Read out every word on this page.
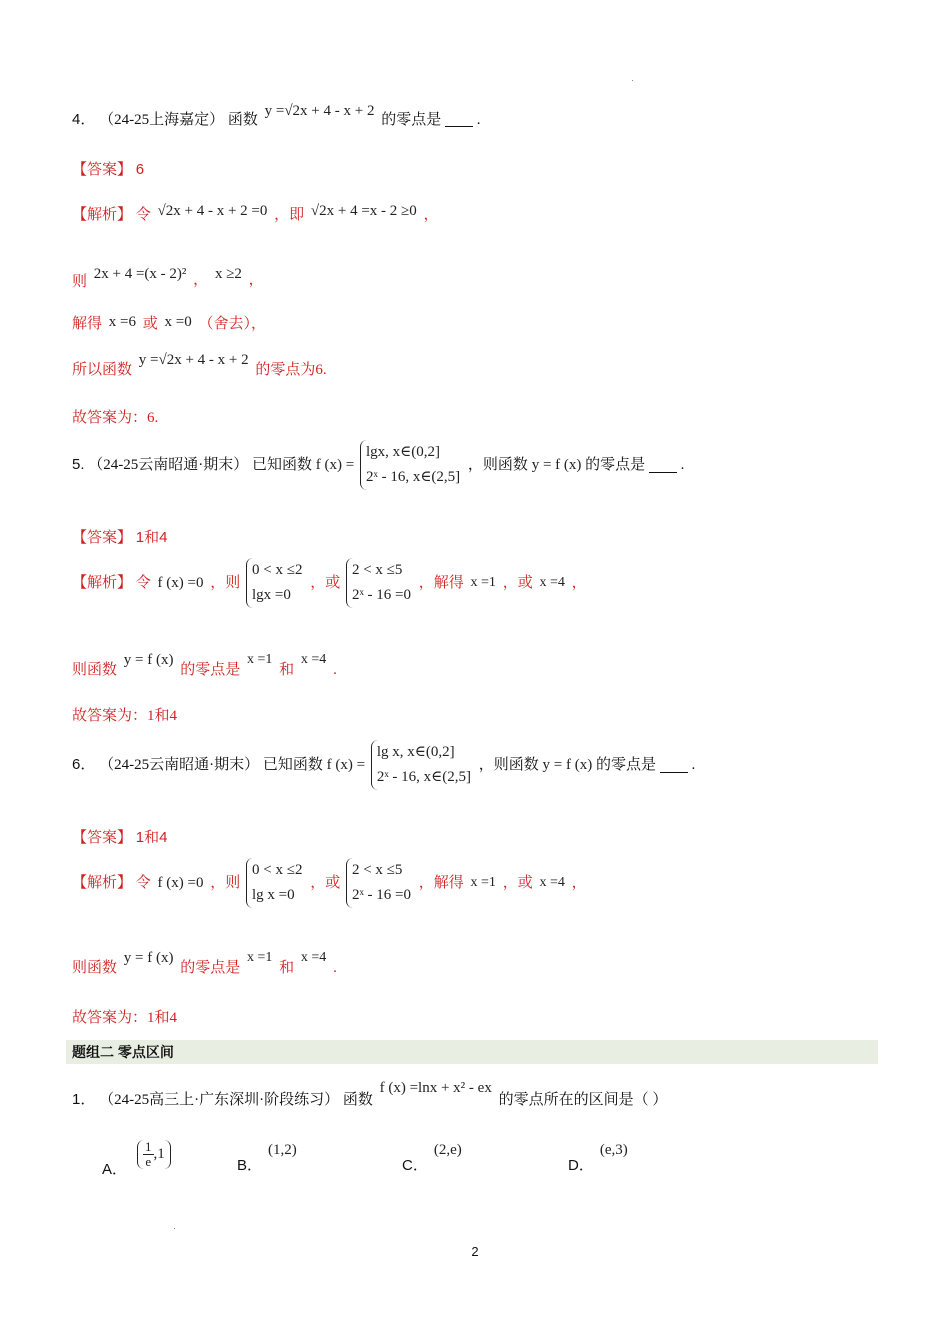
4． （24-25上海嘉定） 函数 y =√2x + 4 - x + 2 的零点是 .
【答案】 6
【解析】 令 √2x + 4 - x + 2 =0 ，即 √2x + 4 =x - 2 ≥0 ，
则 2x + 4 =(x - 2)² ， x ≥2 ，
解得 x =6 或 x =0 （舍去），
所以函数 y =√2x + 4 - x + 2 的零点为6.
故答案为：6.
5. （24-25云南昭通·期末） 已知函数 f (x) =
lgx, x∈(0,2]
2ˣ - 16, x∈(2,5]
，则函数 y = f (x) 的零点是 .
【答案】 1和4
【解析】 令 f (x) =0 ，则
0 < x ≤2
lgx =0
，或
2 < x ≤5
2ˣ - 16 =0
，解得 x =1 ，或 x =4 ，
则函数 y = f (x) 的零点是 x =1 和 x =4 .
故答案为：1和4
6． （24-25云南昭通·期末） 已知函数 f (x) =
lg x, x∈(0,2]
2ˣ - 16, x∈(2,5]
，则函数 y = f (x) 的零点是 .
【答案】 1和4
【解析】 令 f (x) =0 ，则
0 < x ≤2
lg x =0
，或
2 < x ≤5
2ˣ - 16 =0
，解得 x =1 ，或 x =4 ，
则函数 y = f (x) 的零点是 x =1 和 x =4 .
故答案为：1和4
题组二 零点区间
1． （24-25高三上·广东深圳·阶段练习） 函数 f (x) =lnx + x² - ex 的零点所在的区间是（ ）
A．
$\frac{1}{e} ,1$
B．
(1,2)
C．
(2,e)
D．
(e,3)
2
